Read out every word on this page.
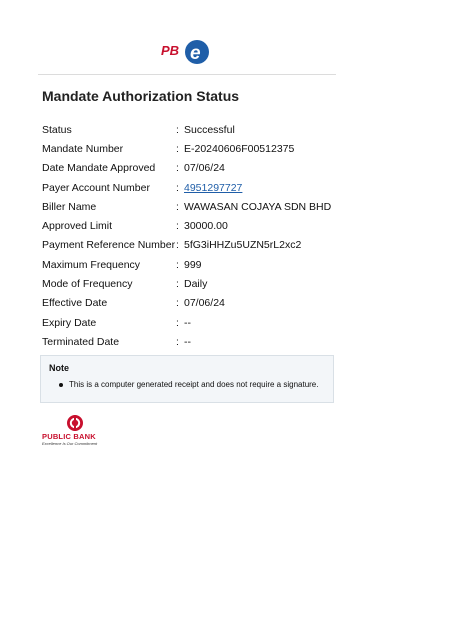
PB e
Mandate Authorization Status
Status	: Successful
Mandate Number	: E-20240606F00512375
Date Mandate Approved	: 07/06/24
Payer Account Number	: 4951297727
Biller Name	: WAWASAN COJAYA SDN BHD
Approved Limit	: 30000.00
Payment Reference Number : 5fG3iHHZu5UZN5rL2xc2
Maximum Frequency	: 999
Mode of Frequency	: Daily
Effective Date	: 07/06/24
Expiry Date	: --
Terminated Date	: --
Note
This is a computer generated receipt and does not require a signature.
PUBLIC BANK
Excellence Is Our Commitment
